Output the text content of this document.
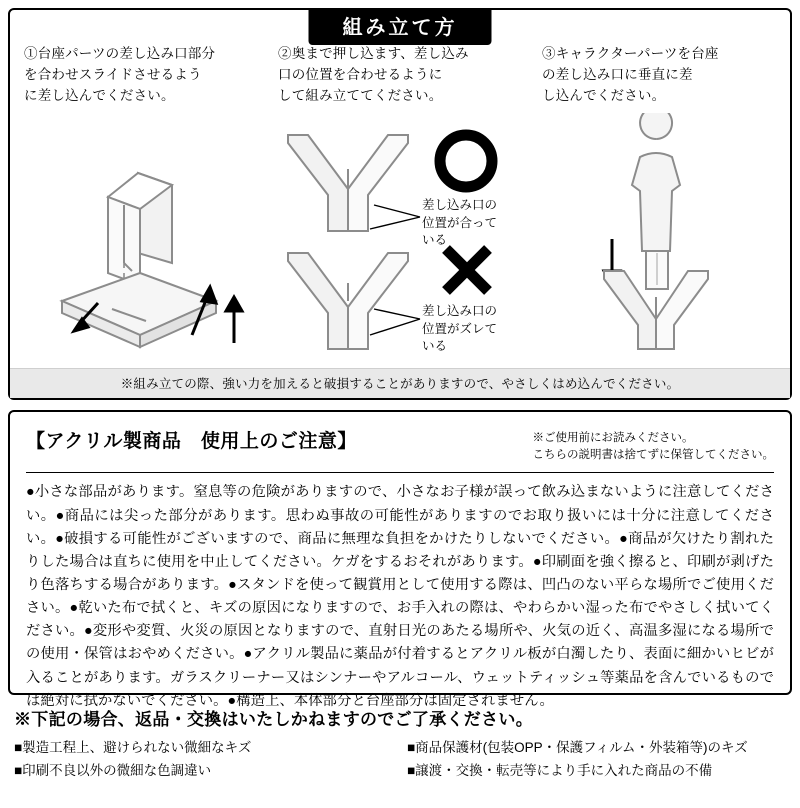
組み立て方
①台座パーツの差し込み口部分
を合わせスライドさせるよう
に差し込んでください。
②奥まで押し込ます、差し込み
口の位置を合わせるように
して組み立ててください。
差し込み口の
位置が合って
いる
差し込み口の
位置がズレて
いる
③キャラクターパーツを台座
の差し込み口に垂直に差
し込んでください。
※組み立ての際、強い力を加えると破損することがありますので、やさしくはめ込んでください。
【アクリル製商品　使用上のご注意】	※ご使用前にお読みください。
こちらの説明書は捨てずに保管してください。
●小さな部品があります。窒息等の危険がありますので、小さなお子様が誤って飲み込まないように注意してください。●商品には尖った部分があります。思わぬ事故の可能性がありますのでお取り扱いには十分に注意してください。●破損する可能性がございますので、商品に無理な負担をかけたりしないでください。●商品が欠けたり割れたりした場合は直ちに使用を中止してください。ケガをするおそれがあります。●印刷面を強く擦ると、印刷が剥げたり色落ちする場合があります。●スタンドを使って観賞用として使用する際は、凹凸のない平らな場所でご使用ください。●乾いた布で拭くと、キズの原因になりますので、お手入れの際は、やわらかい湿った布でやさしく拭いてください。●変形や変質、火災の原因となりますので、直射日光のあたる場所や、火気の近く、高温多湿になる場所での使用・保管はおやめください。●アクリル製品に薬品が付着するとアクリル板が白濁したり、表面に細かいヒビが入ることがあります。ガラスクリーナー又はシンナーやアルコール、ウェットティッシュ等薬品を含んでいるものでは絶対に拭かないでください。●構造上、本体部分と台座部分は固定されません。
※下記の場合、返品・交換はいたしかねますのでご了承ください。
■製造工程上、避けられない微細なキズ	■商品保護材(包装OPP・保護フィルム・外装箱等)のキズ
■印刷不良以外の微細な色調違い	■譲渡・交換・転売等により手に入れた商品の不備
